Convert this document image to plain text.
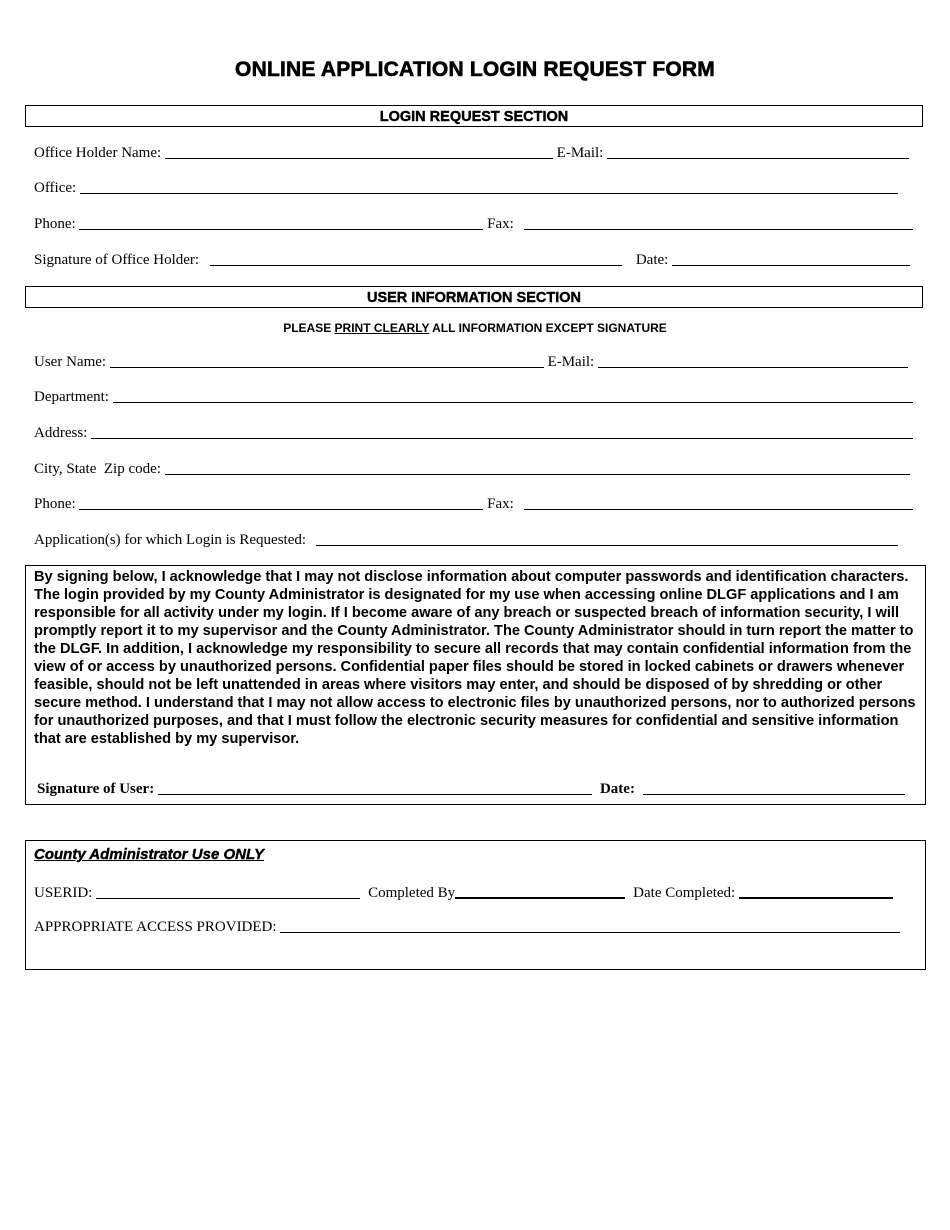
ONLINE APPLICATION LOGIN REQUEST FORM
LOGIN REQUEST SECTION
Office Holder Name:	E-Mail:
Office:
Phone:	Fax:
Signature of Office Holder:	Date:
USER INFORMATION SECTION
PLEASE PRINT CLEARLY ALL INFORMATION EXCEPT SIGNATURE
User Name:	E-Mail:
Department:
Address:
City, State  Zip code:
Phone:	Fax:
Application(s) for which Login is Requested:
By signing below, I acknowledge that I may not disclose information about computer passwords and identification characters. The login provided by my County Administrator is designated for my use when accessing online DLGF applications and I am responsible for all activity under my login. If I become aware of any breach or suspected breach of information security, I will promptly report it to my supervisor and the County Administrator. The County Administrator should in turn report the matter to the DLGF. In addition, I acknowledge my responsibility to secure all records that may contain confidential information from the view of or access by unauthorized persons. Confidential paper files should be stored in locked cabinets or drawers whenever feasible, should not be left unattended in areas where visitors may enter, and should be disposed of by shredding or other secure method. I understand that I may not allow access to electronic files by unauthorized persons, nor to authorized persons for unauthorized purposes, and that I must follow the electronic security measures for confidential and sensitive information that are established by my supervisor.
Signature of User:	Date:
County Administrator Use ONLY
USERID:	Completed By	Date Completed:
APPROPRIATE ACCESS PROVIDED:
